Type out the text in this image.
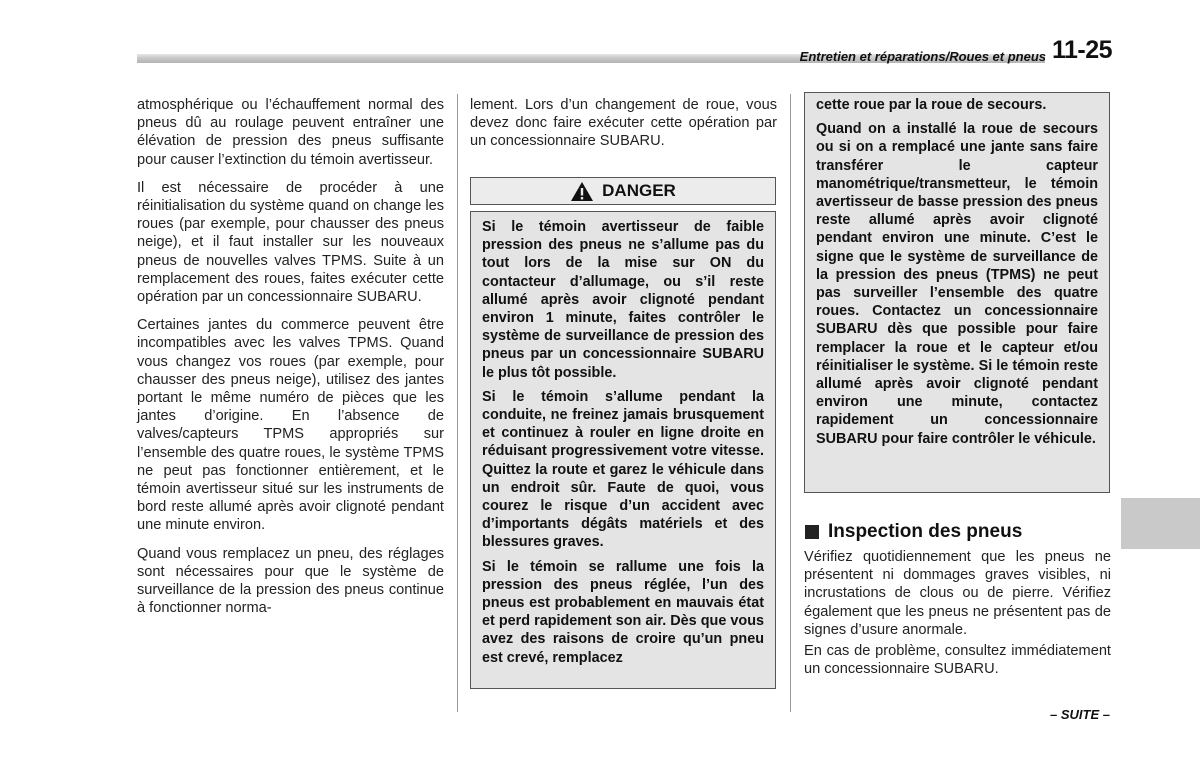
Entretien et réparations/Roues et pneus 11-25

atmosphérique ou l’échauffement normal des pneus dû au roulage peuvent entraîner une élévation de pression des pneus suffisante pour causer l’extinction du témoin avertisseur.

Il est nécessaire de procéder à une réinitialisation du système quand on change les roues (par exemple, pour chausser des pneus neige), et il faut installer sur les nouveaux pneus de nouvelles valves TPMS. Suite à un remplacement des roues, faites exécuter cette opération par un concessionnaire SUBARU.

Certaines jantes du commerce peuvent être incompatibles avec les valves TPMS. Quand vous changez vos roues (par exemple, pour chausser des pneus neige), utilisez des jantes portant le même numéro de pièces que les jantes d’origine. En l’absence de valves/capteurs TPMS appropriés sur l’ensemble des quatre roues, le système TPMS ne peut pas fonctionner entièrement, et le témoin avertisseur situé sur les instruments de bord reste allumé après avoir clignoté pendant une minute environ.

Quand vous remplacez un pneu, des réglages sont nécessaires pour que le système de surveillance de la pression des pneus continue à fonctionner norma-

lement. Lors d’un changement de roue, vous devez donc faire exécuter cette opération par un concessionnaire SUBARU.

DANGER

Si le témoin avertisseur de faible pression des pneus ne s’allume pas du tout lors de la mise sur ON du contacteur d’allumage, ou s’il reste allumé après avoir clignoté pendant environ 1 minute, faites contrôler le système de surveillance de pression des pneus par un concessionnaire SUBARU le plus tôt possible.

Si le témoin s’allume pendant la conduite, ne freinez jamais brusquement et continuez à rouler en ligne droite en réduisant progressivement votre vitesse. Quittez la route et garez le véhicule dans un endroit sûr. Faute de quoi, vous courez le risque d’un accident avec d’importants dégâts matériels et des blessures graves.

Si le témoin se rallume une fois la pression des pneus réglée, l’un des pneus est probablement en mauvais état et perd rapidement son air. Dès que vous avez des raisons de croire qu’un pneu est crevé, remplacez

cette roue par la roue de secours.

Quand on a installé la roue de secours ou si on a remplacé une jante sans faire transférer le capteur manométrique/transmetteur, le témoin avertisseur de basse pression des pneus reste allumé après avoir clignoté pendant environ une minute. C’est le signe que le système de surveillance de la pression des pneus (TPMS) ne peut pas surveiller l’ensemble des quatre roues. Contactez un concessionnaire SUBARU dès que possible pour faire remplacer la roue et le capteur et/ou réinitialiser le système. Si le témoin reste allumé après avoir clignoté pendant environ une minute, contactez rapidement un concessionnaire SUBARU pour faire contrôler le véhicule.

Inspection des pneus

Vérifiez quotidiennement que les pneus ne présentent ni dommages graves visibles, ni incrustations de clous ou de pierre. Vérifiez également que les pneus ne présentent pas de signes d’usure anormale.

En cas de problème, consultez immédiatement un concessionnaire SUBARU.

– SUITE –
